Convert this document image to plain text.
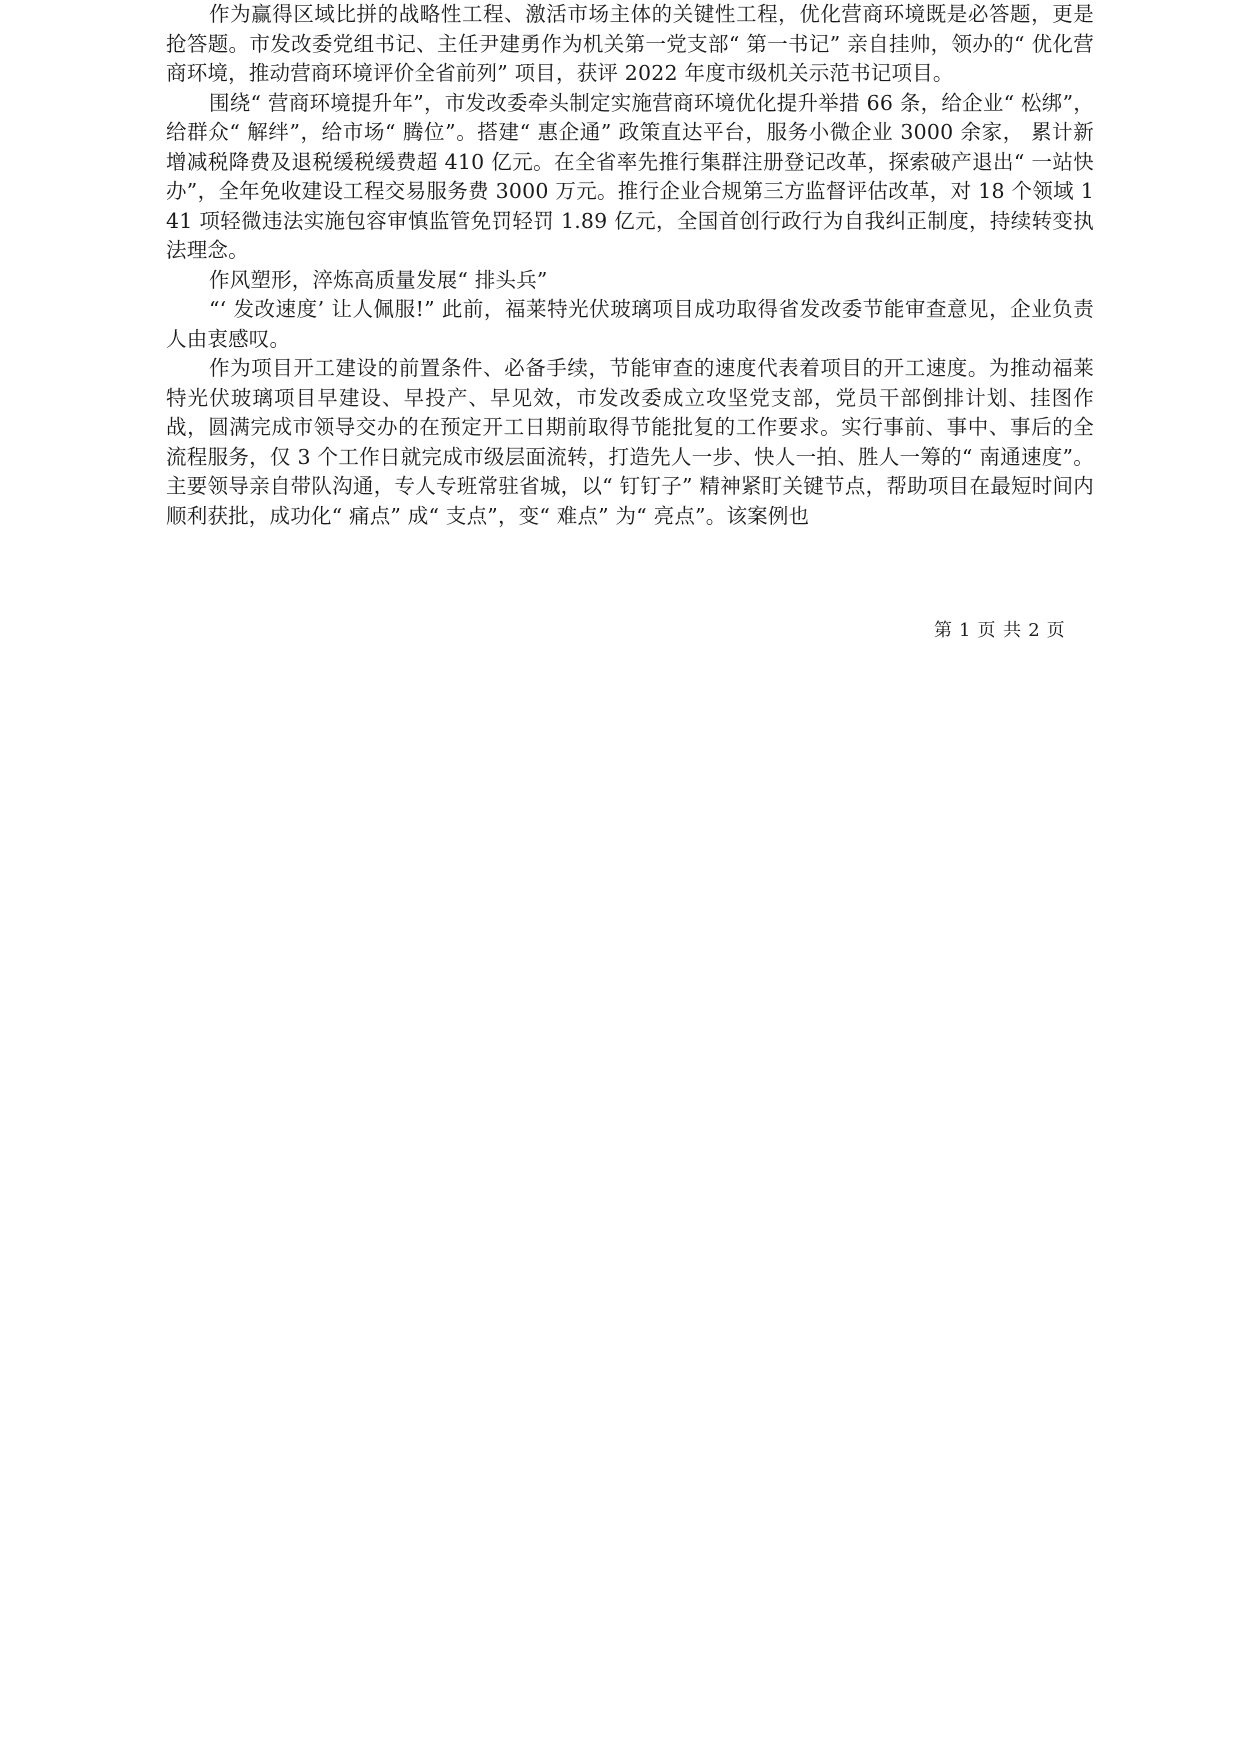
作为赢得区域比拼的战略性工程、激活市场主体的关键性工程，优化营商环境既是必答题，更是抢答题。市发改委党组书记、主任尹建勇作为机关第一党支部“ 第一书记” 亲自挂帅，领办的“ 优化营商环境，推动营商环境评价全省前列” 项目，获评 2022 年度市级机关示范书记项目。

围绕“ 营商环境提升年”，市发改委牵头制定实施营商环境优化提升举措 66 条，给企业“ 松绑”，给群众“ 解绊”，给市场“ 腾位”。搭建“ 惠企通” 政策直达平台，服务小微企业 3000 余家， 累计新增减税降费及退税缓税缓费超 410 亿元。在全省率先推行集群注册登记改革，探索破产退出“ 一站快办”，全年免收建设工程交易服务费 3000 万元。推行企业合规第三方监督评估改革，对 18 个领域 141 项轻微违法实施包容审慎监管免罚轻罚 1.89 亿元，全国首创行政行为自我纠正制度，持续转变执法理念。

作风塑形，淬炼高质量发展“ 排头兵”

“‘ 发改速度’ 让人佩服!” 此前，福莱特光伏玻璃项目成功取得省发改委节能审查意见，企业负责人由衷感叹。

作为项目开工建设的前置条件、必备手续，节能审查的速度代表着项目的开工速度。为推动福莱特光伏玻璃项目早建设、早投产、早见效，市发改委成立攻坚党支部，党员干部倒排计划、挂图作战，圆满完成市领导交办的在预定开工日期前取得节能批复的工作要求。实行事前、事中、事后的全流程服务，仅 3 个工作日就完成市级层面流转，打造先人一步、快人一拍、胜人一筹的“ 南通速度”。主要领导亲自带队沟通，专人专班常驻省城，以“ 钉钉子” 精神紧盯关键节点，帮助项目在最短时间内顺利获批，成功化“ 痛点” 成“ 支点”，变“ 难点” 为“ 亮点”。该案例也

第 1 页 共 2 页
